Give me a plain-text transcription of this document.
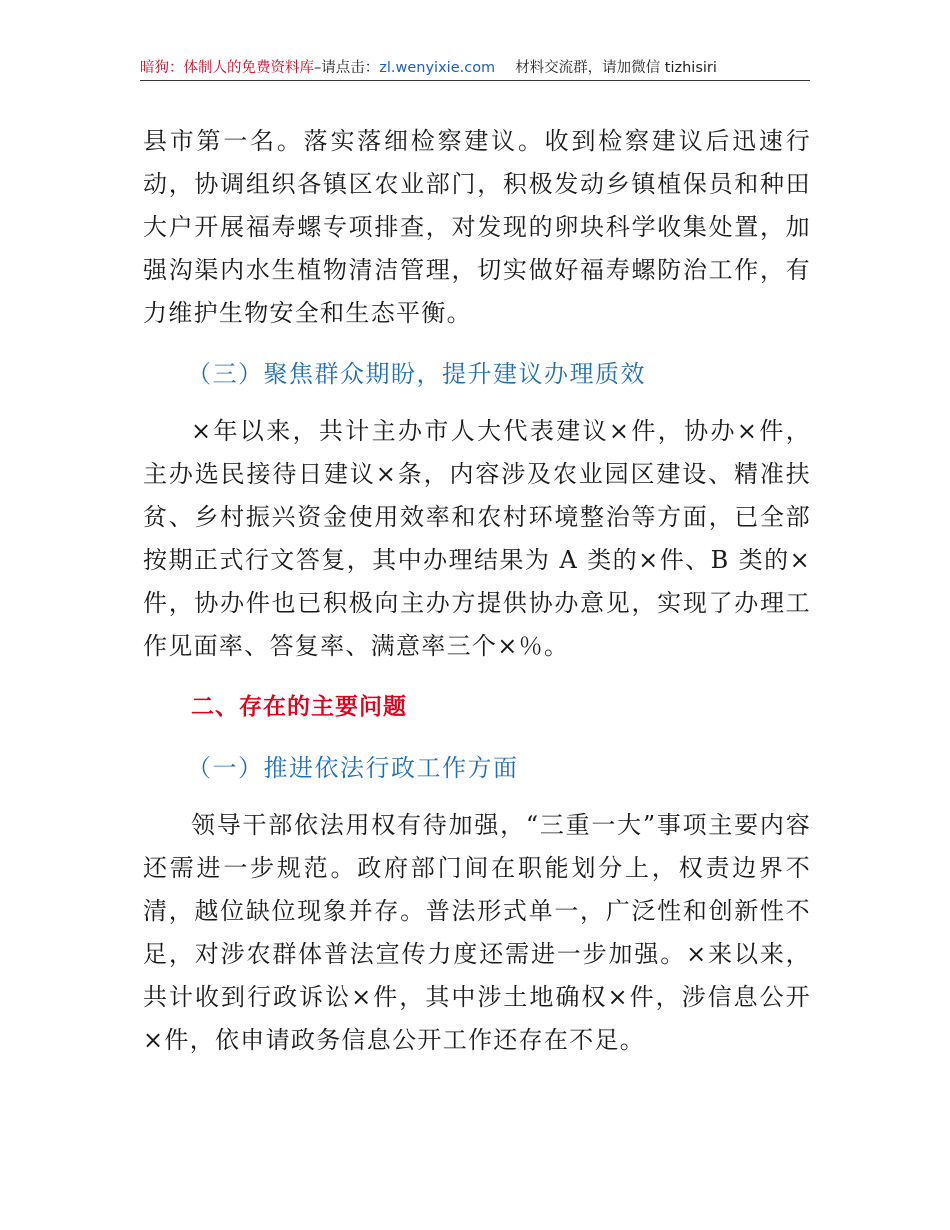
暗狗：体制人的免费资料库–请点击：zl.wenyixie.com 材料交流群，请加微信 tizhisiri

县市第一名。落实落细检察建议。收到检察建议后迅速行动，协调组织各镇区农业部门，积极发动乡镇植保员和种田大户开展福寿螺专项排查，对发现的卵块科学收集处置，加强沟渠内水生植物清洁管理，切实做好福寿螺防治工作，有力维护生物安全和生态平衡。

（三）聚焦群众期盼，提升建议办理质效

×年以来，共计主办市人大代表建议×件，协办×件，主办选民接待日建议×条，内容涉及农业园区建设、精准扶贫、乡村振兴资金使用效率和农村环境整治等方面，已全部按期正式行文答复，其中办理结果为 A 类的×件、B 类的×件，协办件也已积极向主办方提供协办意见，实现了办理工作见面率、答复率、满意率三个×％。

二、存在的主要问题

（一）推进依法行政工作方面

领导干部依法用权有待加强，“三重一大”事项主要内容还需进一步规范。政府部门间在职能划分上，权责边界不清，越位缺位现象并存。普法形式单一，广泛性和创新性不足，对涉农群体普法宣传力度还需进一步加强。×来以来，共计收到行政诉讼×件，其中涉土地确权×件，涉信息公开×件，依申请政务信息公开工作还存在不足。
